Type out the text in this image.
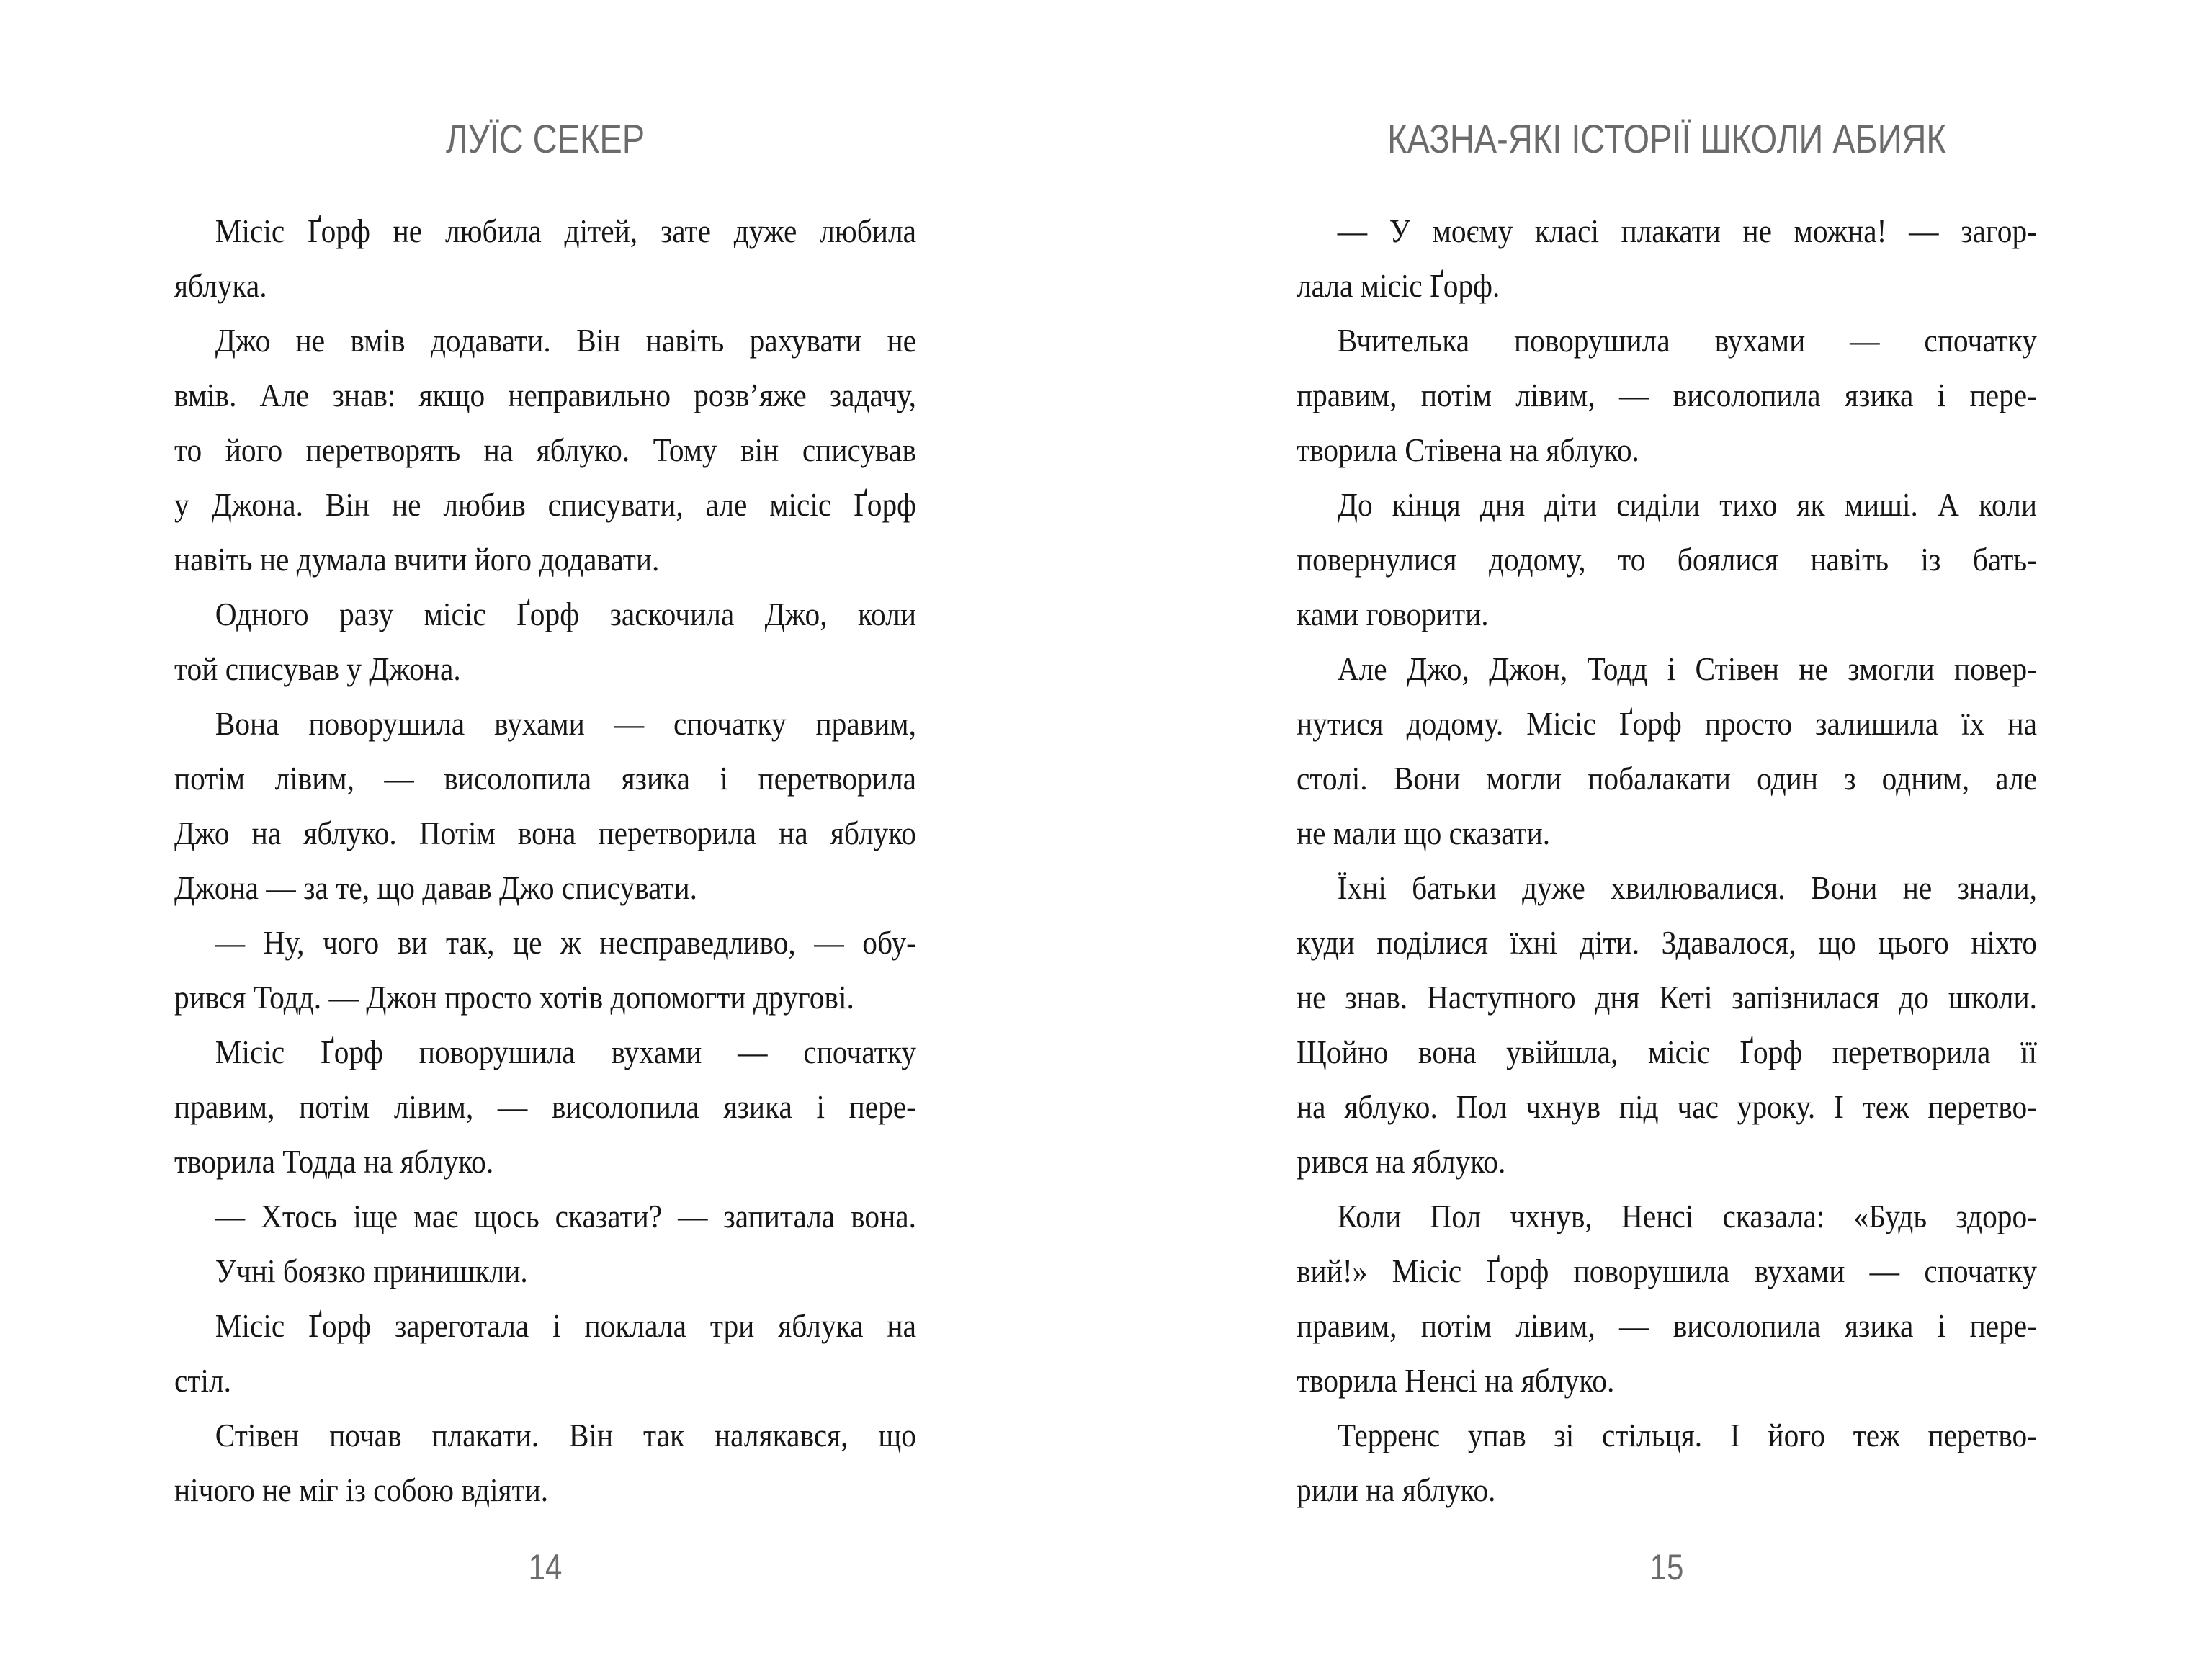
ЛУЇС СЕКЕР
Місіс Ґорф не любила дітей, зате дуже любила
яблука.
Джо не вмів додавати. Він навіть рахувати не
вмів. Але знав: якщо неправильно розв’яже задачу,
то його перетворять на яблуко. Тому він списував
у Джона. Він не любив списувати, але місіс Ґорф
навіть не думала вчити його додавати.
Одного разу місіс Ґорф заскочила Джо, коли
той списував у Джона.
Вона поворушила вухами — спочатку правим,
потім лівим, — висолопила язика і перетворила
Джо на яблуко. Потім вона перетворила на яблуко
Джона — за те, що давав Джо списувати.
— Ну, чого ви так, це ж несправедливо, — обу-
рився Тодд. — Джон просто хотів допомогти другові.
Місіс Ґорф поворушила вухами — спочатку
правим, потім лівим, — висолопила язика і пере-
творила Тодда на яблуко.
— Хтось іще має щось сказати? — запитала вона.
Учні боязко принишкли.
Місіс Ґорф зареготала і поклала три яблука на
стіл.
Стівен почав плакати. Він так налякався, що
нічого не міг із собою вдіяти.
14
КАЗНА-ЯКІ ІСТОРІЇ ШКОЛИ АБИЯК
— У моєму класі плакати не можна! — загор-
лала місіс Ґорф.
Вчителька поворушила вухами — спочатку
правим, потім лівим, — висолопила язика і пере-
творила Стівена на яблуко.
До кінця дня діти сиділи тихо як миші. А коли
повернулися додому, то боялися навіть із бать-
ками говорити.
Але Джо, Джон, Тодд і Стівен не змогли повер-
нутися додому. Місіс Ґорф просто залишила їх на
столі. Вони могли побалакати один з одним, але
не мали що сказати.
Їхні батьки дуже хвилювалися. Вони не знали,
куди поділися їхні діти. Здавалося, що цього ніхто
не знав. Наступного дня Кеті запізнилася до школи.
Щойно вона увійшла, місіс Ґорф перетворила її
на яблуко. Пол чхнув під час уроку. І теж перетво-
рився на яблуко.
Коли Пол чхнув, Ненсі сказала: «Будь здоро-
вий!» Місіс Ґорф поворушила вухами — спочатку
правим, потім лівим, — висолопила язика і пере-
творила Ненсі на яблуко.
Терренс упав зі стільця. І його теж перетво-
рили на яблуко.
15
